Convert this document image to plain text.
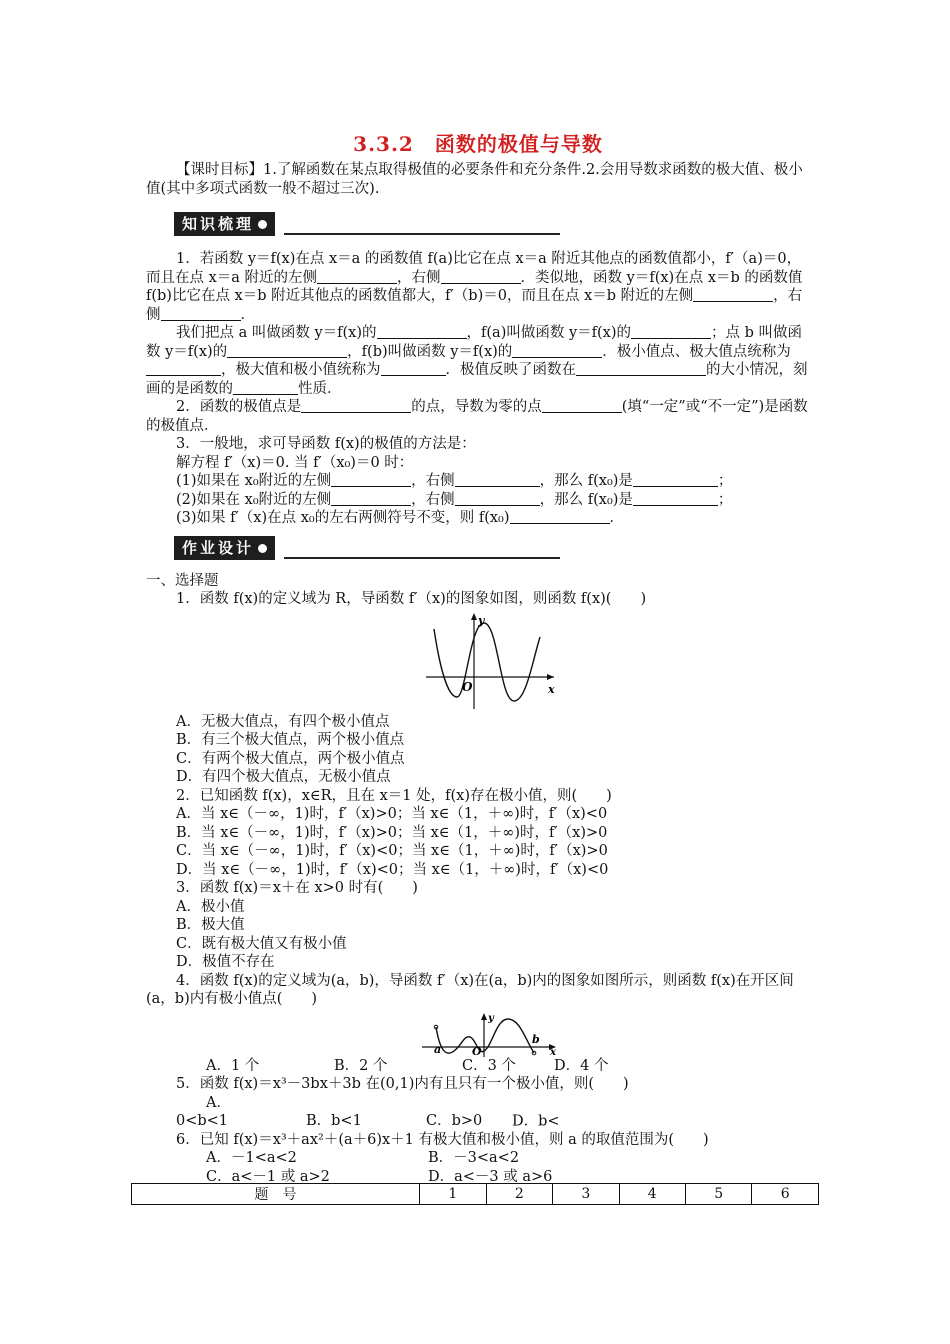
3.3.2　函数的极值与导数

【课时目标】1.了解函数在某点取得极值的必要条件和充分条件.2.会用导数求函数的极大值、极小值(其中多项式函数一般不超过三次).

知识梳理

1．若函数 y＝f(x)在点 x＝a 的函数值 f(a)比它在点 x＝a 附近其他点的函数值都小，f′（a)＝0，而且在点 x＝a 附近的左侧	，右侧	．类似地，函数 y＝f(x)在点 x＝b 的函数值 f(b)比它在点 x＝b 附近其他点的函数值都大，f′（b)＝0，而且在点 x＝b 附近的左侧	，右侧	．

我们把点 a 叫做函数 y＝f(x)的	，f(a)叫做函数 y＝f(x)的	；点 b 叫做函数 y＝f(x)的	，f(b)叫做函数 y＝f(x)的	．极小值点、极大值点统称为，极大值和极小值统称为	．极值反映了函数在	的大小情况，刻画的是函数的	性质．

2．函数的极值点是	的点，导数为零的点	(填“一定”或“不一定”)是函数的极值点．

3．一般地，求可导函数 f(x)的极值的方法是：

解方程 f′（x)＝0. 当 f′（x₀)＝0 时：

(1)如果在 x₀附近的左侧	，右侧	，那么 f(x₀)是	；

(2)如果在 x₀附近的左侧	，右侧	，那么 f(x₀)是	；

(3)如果 f′（x)在点 x₀的左右两侧符号不变，则 f(x₀)	．

作业设计

一、选择题

1．函数 f(x)的定义域为 R，导函数 f′（x)的图象如图，则函数 f(x)(　　)

y
x
O

A．无极大值点，有四个极小值点

B．有三个极大值点，两个极小值点

C．有两个极大值点，两个极小值点

D．有四个极大值点，无极小值点

2．已知函数 f(x)，x∈R，且在 x＝1 处，f(x)存在极小值，则(　　)

A．当 x∈（－∞，1)时，f′（x)>0；当 x∈（1，＋∞)时，f′（x)<0

B．当 x∈（－∞，1)时，f′（x)>0；当 x∈（1，＋∞)时，f′（x)>0

C．当 x∈（－∞，1)时，f′（x)<0；当 x∈（1，＋∞)时，f′（x)>0

D．当 x∈（－∞，1)时，f′（x)<0；当 x∈（1，＋∞)时，f′（x)<0

3．函数 f(x)＝x＋在 x>0 时有(　　)

A．极小值

B．极大值

C．既有极大值又有极小值

D．极值不存在

4．函数 f(x)的定义域为(a，b)，导函数 f′（x)在(a，b)内的图象如图所示，则函数 f(x)在开区间(a，b)内有极小值点(　　)

y
x
O
a
b

A．1 个	B．2 个	C．3 个	D．4 个

5．函数 f(x)＝x³－3bx＋3b 在(0,1)内有且只有一个极小值，则(　　)

A．0<b<1	B．b<1	C．b>0 D．b<

6．已知 f(x)＝x³＋ax²＋(a＋6)x＋1 有极大值和极小值，则 a 的取值范围为(　　)

A．－1<a<2	B．－3<a<2

C．a<－1 或 a>2	D．a<－3 或 a>6

题　号	1	2	3	4	5	6
